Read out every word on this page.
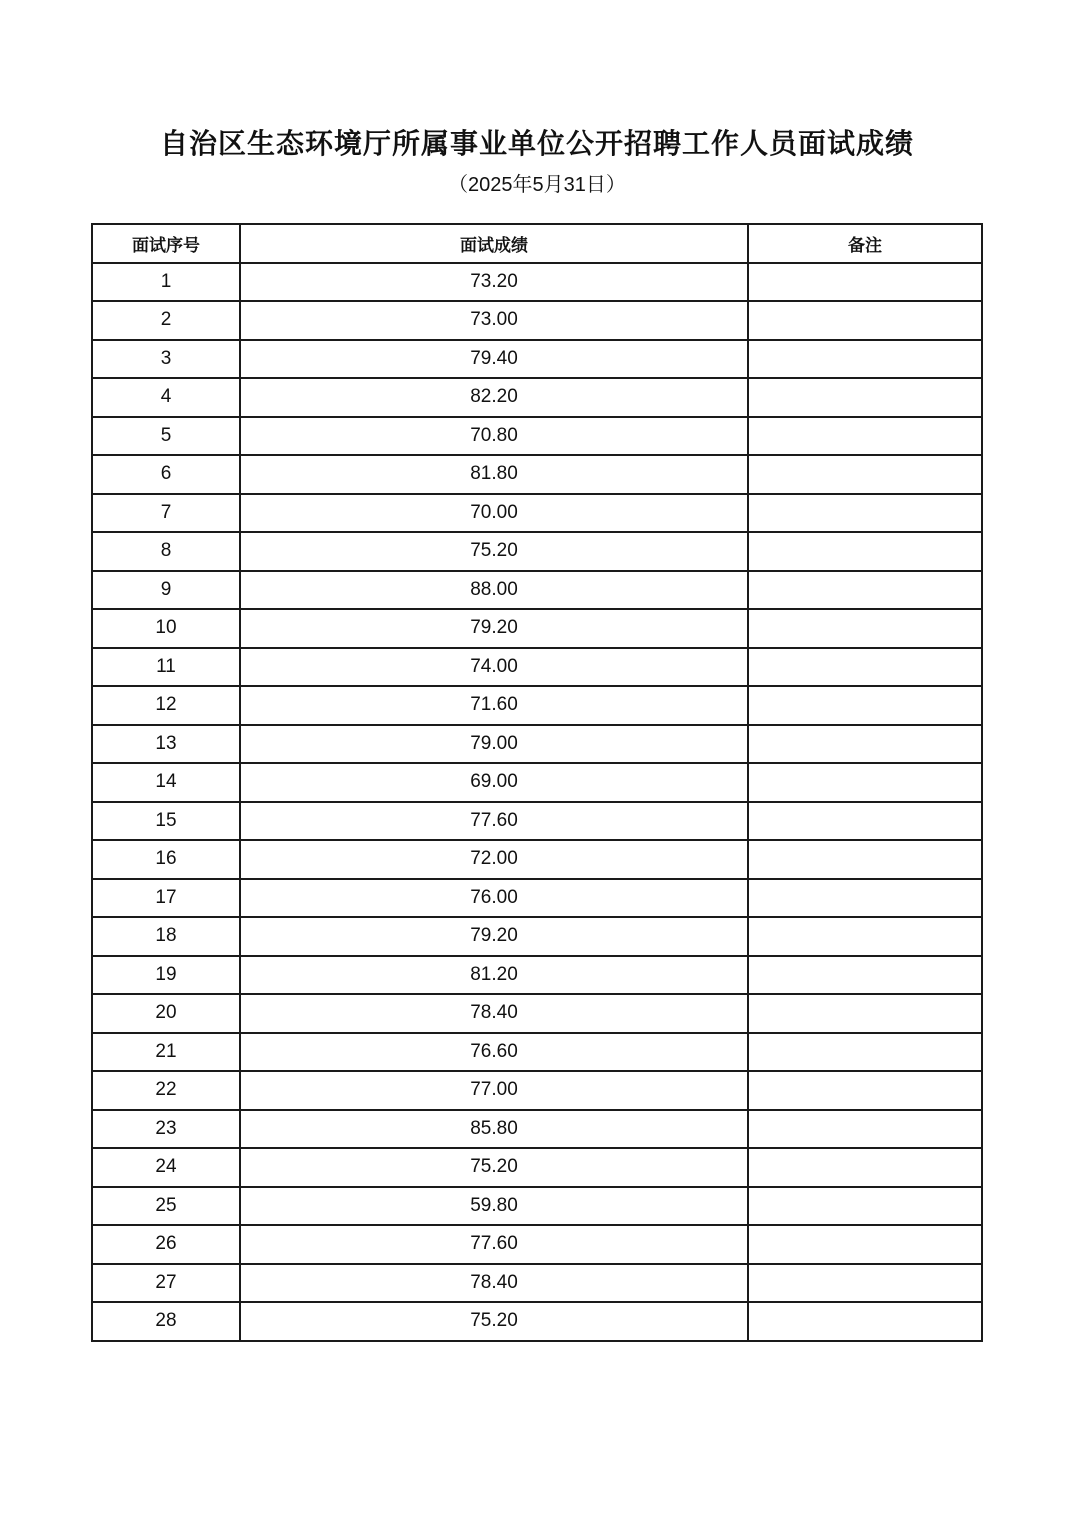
自治区生态环境厅所属事业单位公开招聘工作人员面试成绩
（2025年5月31日）
面试序号	面试成绩	备注
1	73.20	
2	73.00	
3	79.40	
4	82.20	
5	70.80	
6	81.80	
7	70.00	
8	75.20	
9	88.00	
10	79.20	
11	74.00	
12	71.60	
13	79.00	
14	69.00	
15	77.60	
16	72.00	
17	76.00	
18	79.20	
19	81.20	
20	78.40	
21	76.60	
22	77.00	
23	85.80	
24	75.20	
25	59.80	
26	77.60	
27	78.40	
28	75.20	
